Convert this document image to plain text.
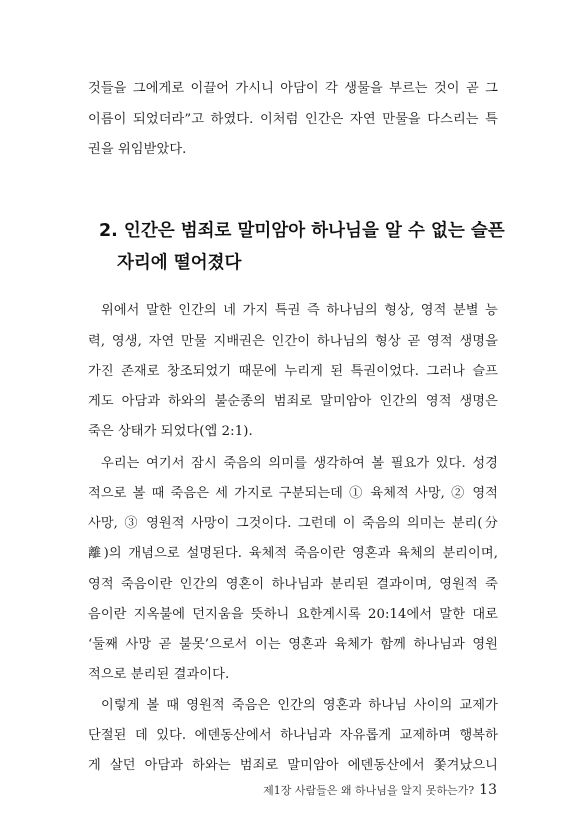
것들을 그에게로 이끌어 가시니 아담이 각 생물을 부르는 것이 곧 그
이름이 되었더라”고 하였다. 이처럼 인간은 자연 만물을 다스리는 특
권을 위임받았다.
2. 인간은 범죄로 말미암아 하나님을 알 수 없는 슬픈
자리에 떨어졌다
위에서 말한 인간의 네 가지 특권 즉 하나님의 형상, 영적 분별 능
력, 영생, 자연 만물 지배권은 인간이 하나님의 형상 곧 영적 생명을
가진 존재로 창조되었기 때문에 누리게 된 특권이었다. 그러나 슬프
게도 아담과 하와의 불순종의 범죄로 말미암아 인간의 영적 생명은
죽은 상태가 되었다(엡 2:1).
우리는 여기서 잠시 죽음의 의미를 생각하여 볼 필요가 있다. 성경
적으로 볼 때 죽음은 세 가지로 구분되는데 ① 육체적 사망, ② 영적
사망, ③ 영원적 사망이 그것이다. 그런데 이 죽음의 의미는 분리(分
離)의 개념으로 설명된다. 육체적 죽음이란 영혼과 육체의 분리이며,
영적 죽음이란 인간의 영혼이 하나님과 분리된 결과이며, 영원적 죽
음이란 지옥불에 던지움을 뜻하니 요한계시록 20:14에서 말한 대로
‘둘째 사망 곧 불못’으로서 이는 영혼과 육체가 함께 하나님과 영원
적으로 분리된 결과이다.
이렇게 볼 때 영원적 죽음은 인간의 영혼과 하나님 사이의 교제가
단절된 데 있다. 에덴동산에서 하나님과 자유롭게 교제하며 행복하
게 살던 아담과 하와는 범죄로 말미암아 에덴동산에서 쫓겨났으니
제1장 사람들은 왜 하나님을 알지 못하는가? 13
